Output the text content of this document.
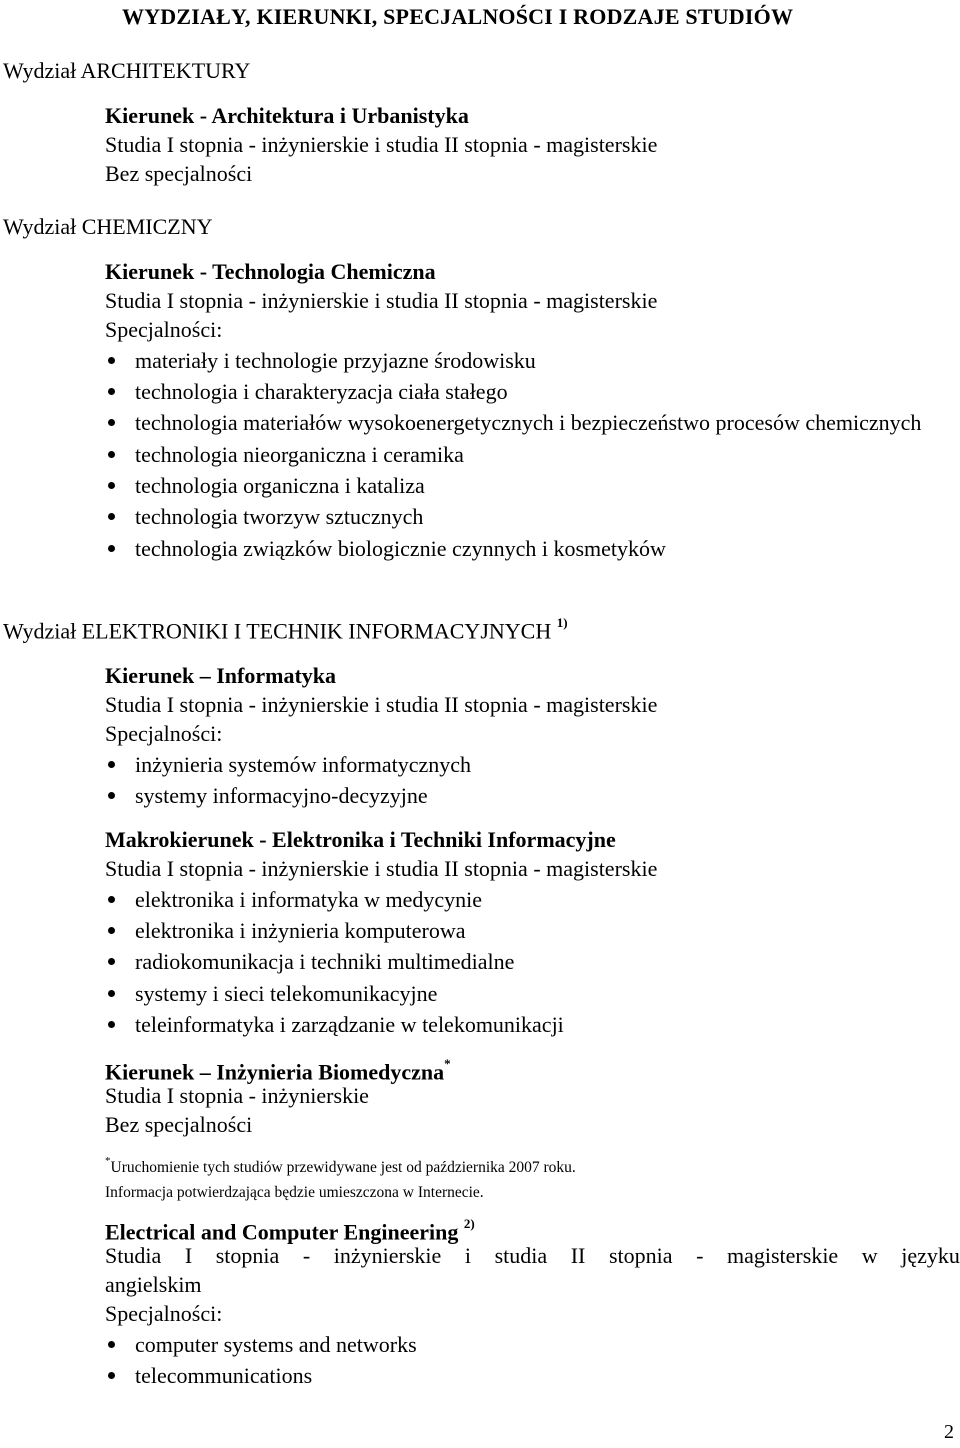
WYDZIAŁY, KIERUNKI, SPECJALNOŚCI I RODZAJE STUDIÓW
Wydział ARCHITEKTURY
Kierunek - Architektura i Urbanistyka
Studia I stopnia - inżynierskie i studia II stopnia - magisterskie
Bez specjalności
Wydział CHEMICZNY
Kierunek - Technologia Chemiczna
Studia I stopnia - inżynierskie i studia II stopnia - magisterskie
Specjalności:
materiały i technologie przyjazne środowisku
technologia i charakteryzacja ciała stałego
technologia materiałów wysokoenergetycznych i bezpieczeństwo procesów chemicznych
technologia nieorganiczna i ceramika
technologia organiczna i kataliza
technologia tworzyw sztucznych
technologia związków biologicznie czynnych i kosmetyków
Wydział ELEKTRONIKI I TECHNIK INFORMACYJNYCH $^{1)}$
Kierunek – Informatyka
Studia I stopnia - inżynierskie i studia II stopnia - magisterskie
Specjalności:
inżynieria systemów informatycznych
systemy informacyjno-decyzyjne
Makrokierunek - Elektronika i Techniki Informacyjne
Studia I stopnia - inżynierskie i studia II stopnia - magisterskie
elektronika i informatyka w medycynie
elektronika i inżynieria komputerowa
radiokomunikacja i techniki multimedialne
systemy i sieci telekomunikacyjne
teleinformatyka i zarządzanie w telekomunikacji
Kierunek – Inżynieria Biomedyczna*
Studia I stopnia - inżynierskie
Bez specjalności
*Uruchomienie tych studiów przewidywane jest od października 2007 roku.
Informacja potwierdzająca będzie umieszczona w Internecie.
Electrical and Computer Engineering $^{2)}$
Studia I stopnia - inżynierskie i studia II stopnia - magisterskie w języku
angielskim
Specjalności:
computer systems and networks
telecommunications
2
